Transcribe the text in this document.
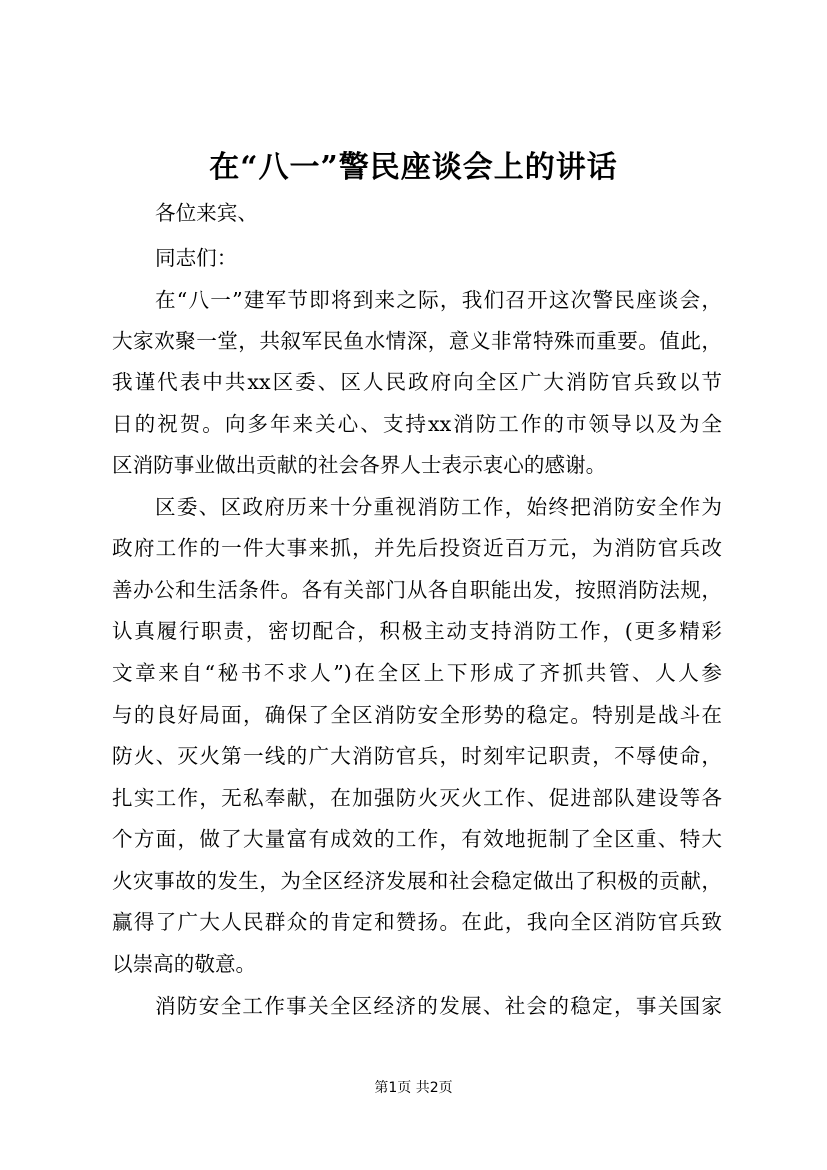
在“八一”警民座谈会上的讲话
各位来宾、
同志们：
在“八一”建军节即将到来之际，我们召开这次警民座谈会，
大家欢聚一堂，共叙军民鱼水情深，意义非常特殊而重要。值此，
我谨代表中共xx区委、区人民政府向全区广大消防官兵致以节
日的祝贺。向多年来关心、支持xx消防工作的市领导以及为全
区消防事业做出贡献的社会各界人士表示衷心的感谢。
区委、区政府历来十分重视消防工作，始终把消防安全作为
政府工作的一件大事来抓，并先后投资近百万元，为消防官兵改
善办公和生活条件。各有关部门从各自职能出发，按照消防法规，
认真履行职责，密切配合，积极主动支持消防工作，(更多精彩
文章来自“秘书不求人”)在全区上下形成了齐抓共管、人人参
与的良好局面，确保了全区消防安全形势的稳定。特别是战斗在
防火、灭火第一线的广大消防官兵，时刻牢记职责，不辱使命，
扎实工作，无私奉献，在加强防火灭火工作、促进部队建设等各
个方面，做了大量富有成效的工作，有效地扼制了全区重、特大
火灾事故的发生，为全区经济发展和社会稳定做出了积极的贡献，
赢得了广大人民群众的肯定和赞扬。在此，我向全区消防官兵致
以崇高的敬意。
消防安全工作事关全区经济的发展、社会的稳定，事关国家
第1页 共2页
